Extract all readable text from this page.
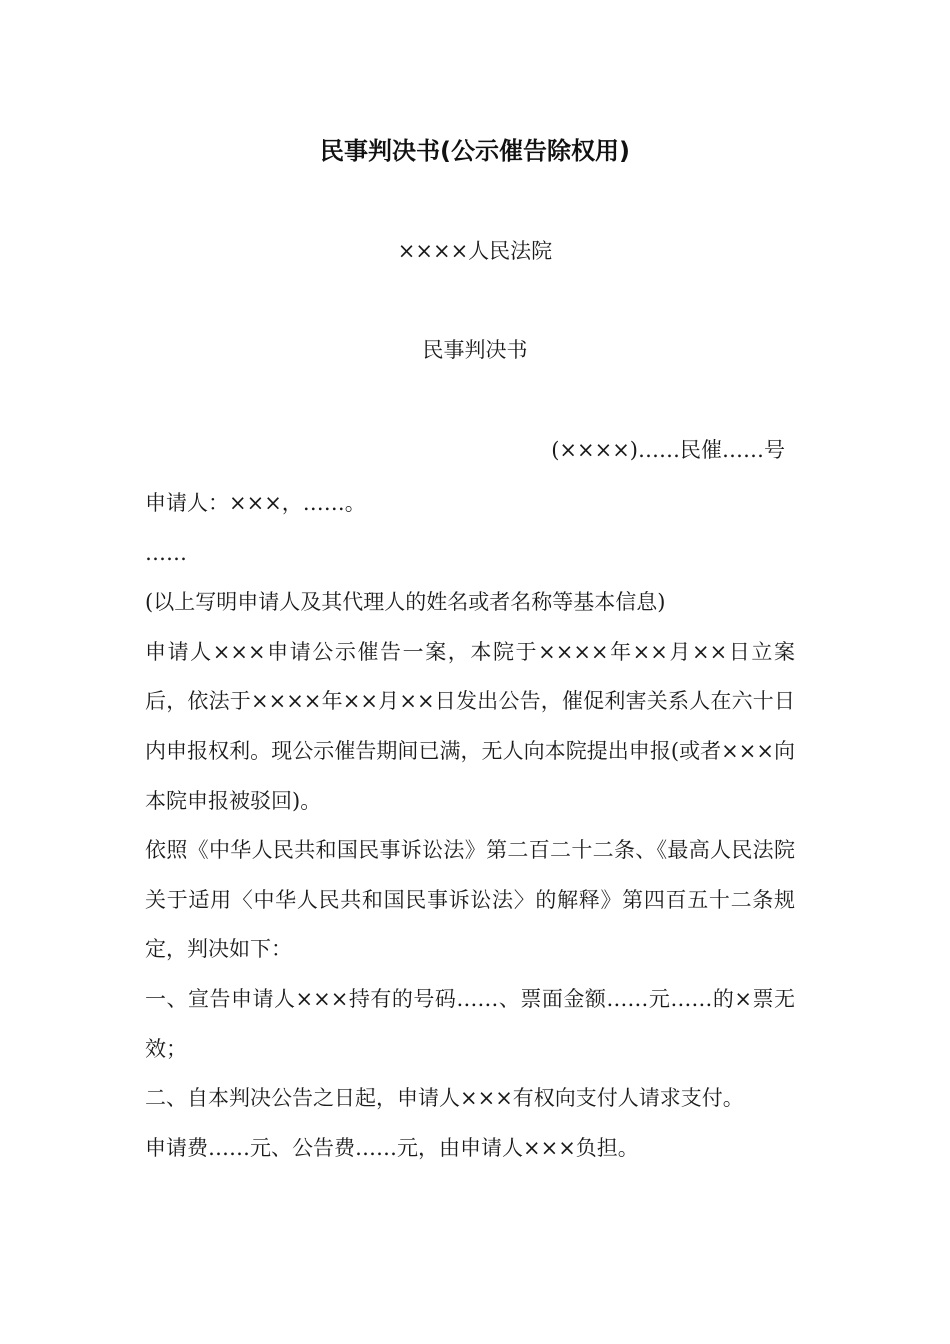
民事判决书(公示催告除权用)
××××人民法院
民事判决书
(××××)……民催……号

申请人：×××，……。

……

(以上写明申请人及其代理人的姓名或者名称等基本信息)

申请人×××申请公示催告一案，本院于××××年××月××日立案后，依法于××××年××月××日发出公告，催促利害关系人在六十日内申报权利。现公示催告期间已满，无人向本院提出申报(或者×××向本院申报被驳回)。

依照《中华人民共和国民事诉讼法》第二百二十二条、《最高人民法院关于适用〈中华人民共和国民事诉讼法〉的解释》第四百五十二条规定，判决如下：

一、宣告申请人×××持有的号码……、票面金额……元……的×票无效；

二、自本判决公告之日起，申请人×××有权向支付人请求支付。

申请费……元、公告费……元，由申请人×××负担。
